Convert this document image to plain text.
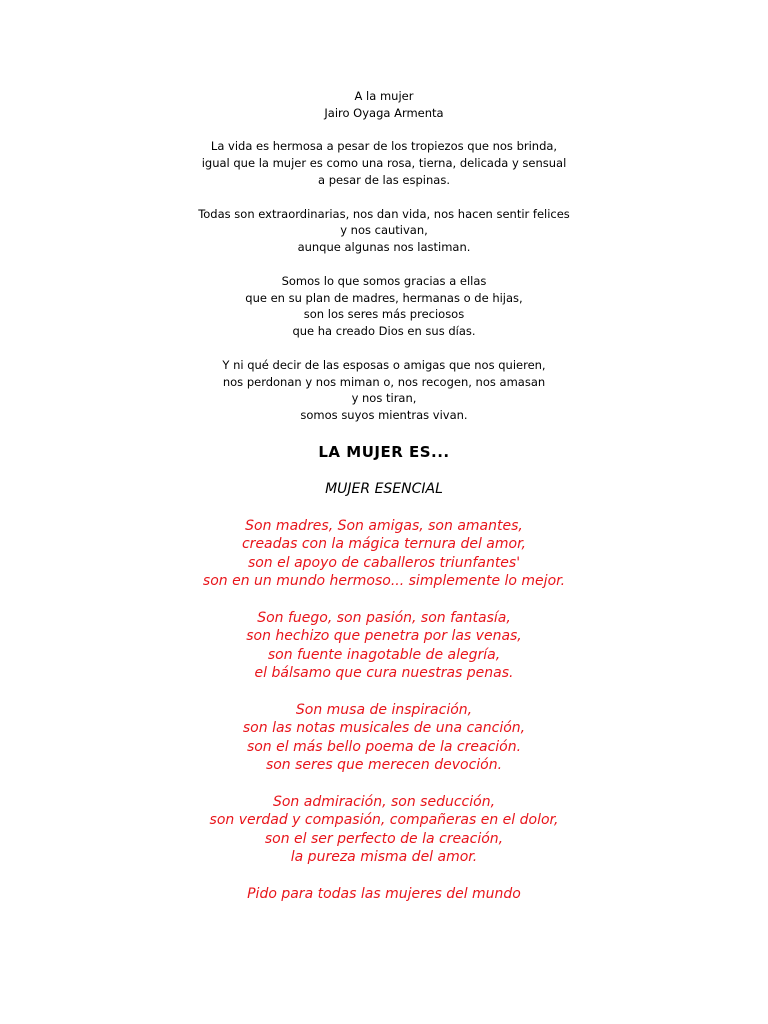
A la mujer
Jairo Oyaga Armenta
La vida es hermosa a pesar de los tropiezos que nos brinda,
igual que la mujer es como una rosa, tierna, delicada y sensual
a pesar de las espinas.
Todas son extraordinarias, nos dan vida, nos hacen sentir felices
y nos cautivan,
aunque algunas nos lastiman.
Somos lo que somos gracias a ellas
que en su plan de madres, hermanas o de hijas,
son los seres más preciosos
que ha creado Dios en sus días.
Y ni qué decir de las esposas o amigas que nos quieren,
nos perdonan y nos miman o, nos recogen, nos amasan
y nos tiran,
somos suyos mientras vivan.
LA MUJER ES...
MUJER ESENCIAL
Son madres, Son amigas, son amantes,
creadas con la mágica ternura del amor,
son el apoyo de caballeros triunfantes'
son en un mundo hermoso... simplemente lo mejor.
Son fuego, son pasión, son fantasía,
son hechizo que penetra por las venas,
son fuente inagotable de alegría,
el bálsamo que cura nuestras penas.
Son musa de inspiración,
son las notas musicales de una canción,
son el más bello poema de la creación.
son seres que merecen devoción.
Son admiración, son seducción,
son verdad y compasión, compañeras en el dolor,
son el ser perfecto de la creación,
la pureza misma del amor.
Pido para todas las mujeres del mundo
